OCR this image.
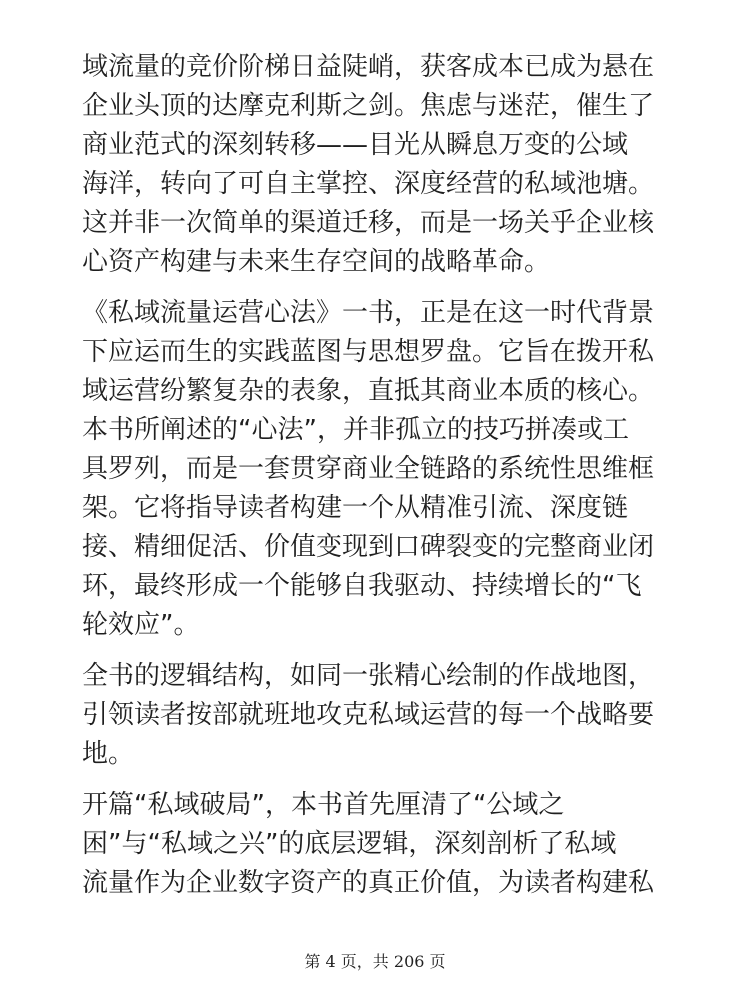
域流量的竞价阶梯日益陡峭，获客成本已成为悬在
企业头顶的达摩克利斯之剑。焦虑与迷茫，催生了
商业范式的深刻转移——目光从瞬息万变的公域
海洋，转向了可自主掌控、深度经营的私域池塘。
这并非一次简单的渠道迁移，而是一场关乎企业核
心资产构建与未来生存空间的战略革命。

《私域流量运营心法》一书，正是在这一时代背景
下应运而生的实践蓝图与思想罗盘。它旨在拨开私
域运营纷繁复杂的表象，直抵其商业本质的核心。
本书所阐述的“心法”，并非孤立的技巧拼凑或工
具罗列，而是一套贯穿商业全链路的系统性思维框
架。它将指导读者构建一个从精准引流、深度链
接、精细促活、价值变现到口碑裂变的完整商业闭
环，最终形成一个能够自我驱动、持续增长的“飞
轮效应”。

全书的逻辑结构，如同一张精心绘制的作战地图，
引领读者按部就班地攻克私域运营的每一个战略要
地。

开篇“私域破局”，本书首先厘清了“公域之
困”与“私域之兴”的底层逻辑，深刻剖析了私域
流量作为企业数字资产的真正价值，为读者构建私

第 4 页，共 206 页
